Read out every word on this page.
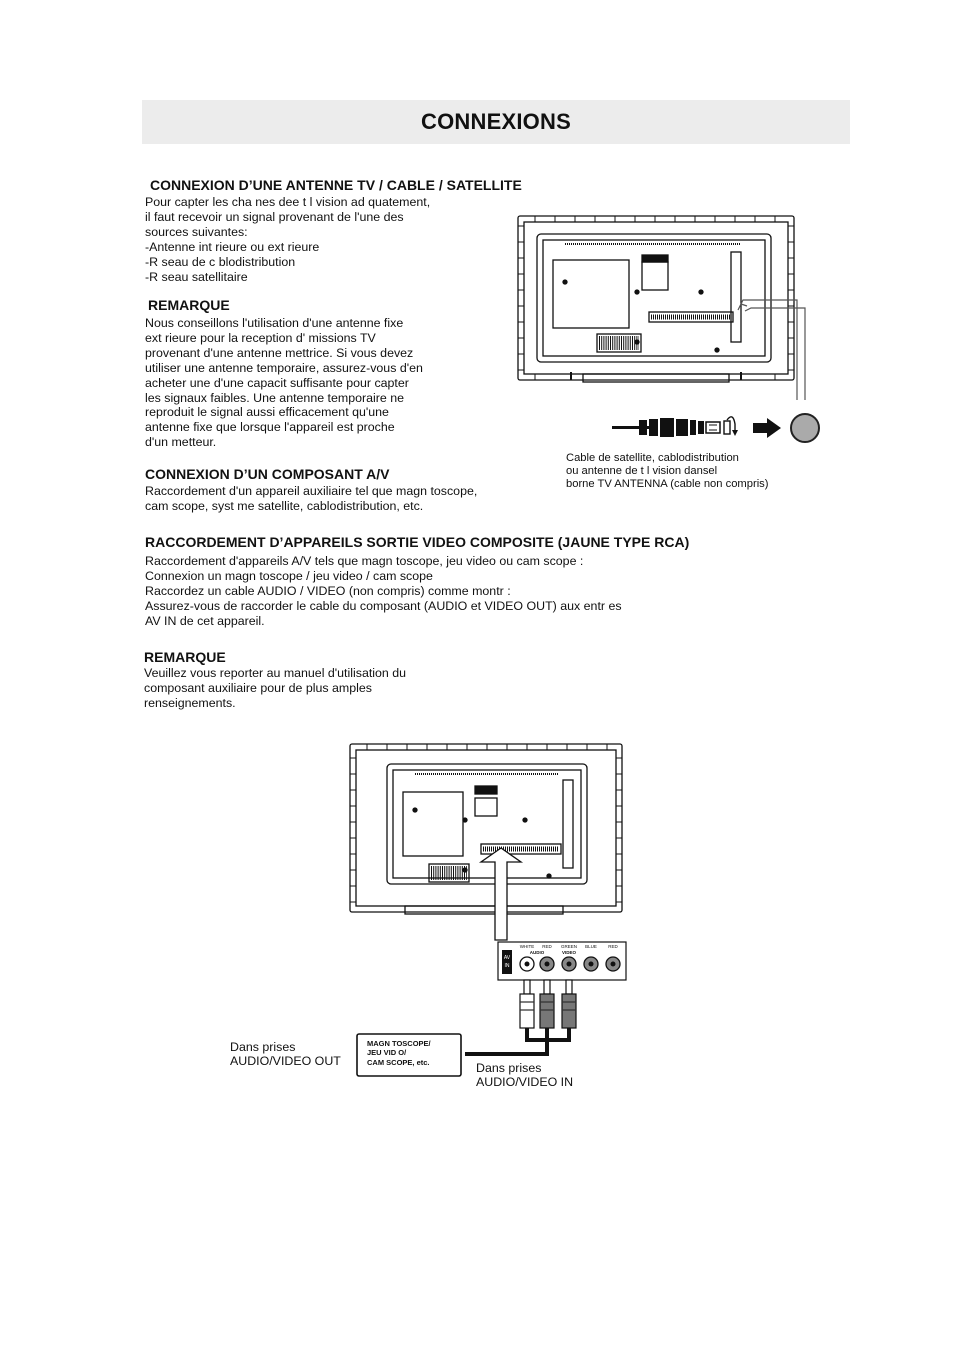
CONNEXIONS
CONNEXION D’UNE ANTENNE TV / CABLE / SATELLITE
Pour capter les cha nes dee t l vision ad quatement,
il faut recevoir un signal provenant de l'une des
sources suivantes:
-Antenne int rieure ou ext rieure
-R seau de c blodistribution
-R seau satellitaire
REMARQUE
Nous conseillons l'utilisation d'une antenne fixe
ext rieure pour la reception d' missions TV
provenant d'une antenne mettrice. Si vous devez
utiliser une antenne temporaire, assurez-vous d'en
acheter une d'une capacit suffisante pour capter
les signaux faibles. Une antenne temporaire ne
reproduit le signal aussi efficacement qu'une
antenne fixe que lorsque l'appareil est proche
d'un metteur.
Cable de satellite, cablodistribution
ou antenne de t l vision dansel
borne TV ANTENNA (cable non compris)
CONNEXION D’UN COMPOSANT A/V
Raccordement d'un appareil auxiliaire tel que magn toscope,
cam scope, syst me satellite, cablodistribution, etc.
RACCORDEMENT D’APPAREILS SORTIE VIDEO COMPOSITE (JAUNE TYPE RCA)
Raccordement d'appareils A/V tels que magn toscope, jeu video ou cam scope :
Connexion un magn toscope / jeu video / cam scope
Raccordez un cable AUDIO / VIDEO (non compris) comme montr :
Assurez-vous de raccorder le cable du composant (AUDIO et VIDEO OUT) aux entr es
AV IN de cet appareil.
REMARQUE
Veuillez vous reporter au manuel d'utilisation du
composant auxiliaire pour de plus amples
renseignements.
AV
IN
WHITE RED GREEN BLUE	RED
AUDIO	VIDEO
MAGN TOSCOPE/
JEU VID O/
CAM SCOPE, etc.
Dans prises
AUDIO/VIDEO OUT	Dans prises
AUDIO/VIDEO IN
